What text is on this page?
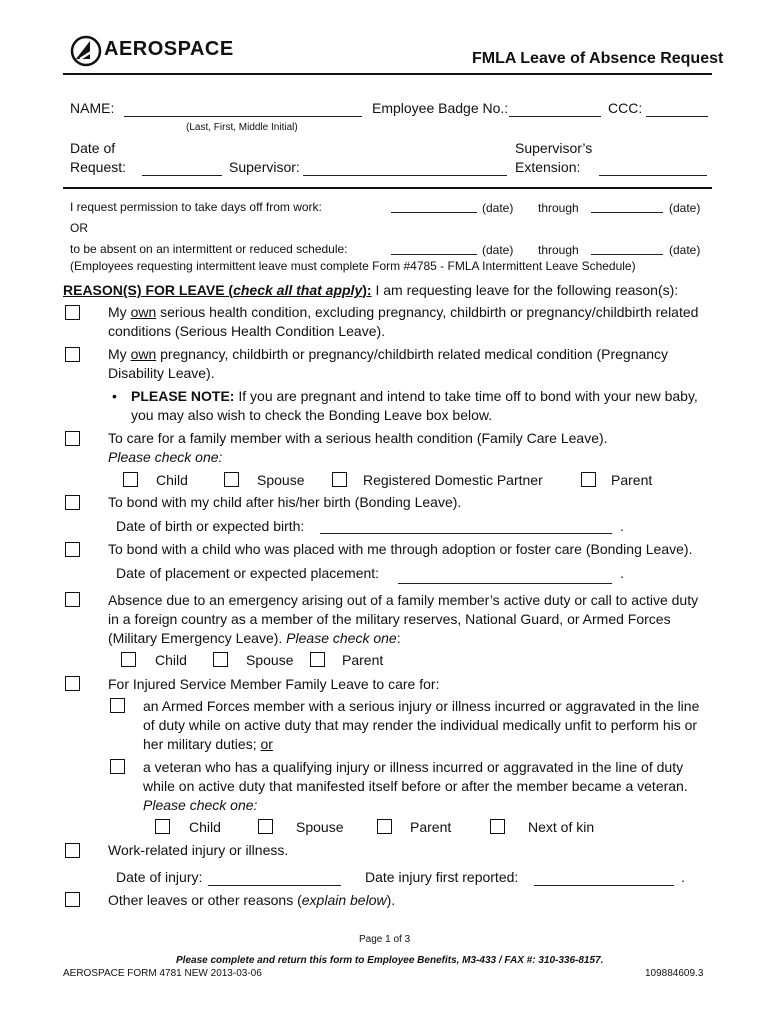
AEROSPACE	FMLA Leave of Absence Request
NAME:
(Last, First, Middle Initial)
Employee Badge No.:	CCC:
Date of
Request:	Supervisor:
Supervisor’s
Extension:
I request permission to take days off from work:	(date) through	(date)
OR
to be absent on an intermittent or reduced schedule:	(date) through	(date)
(Employees requesting intermittent leave must complete Form #4785 - FMLA Intermittent Leave Schedule)
REASON(S) FOR LEAVE (check all that apply): I am requesting leave for the following reason(s):
My own serious health condition, excluding pregnancy, childbirth or pregnancy/childbirth related
conditions (Serious Health Condition Leave).
My own pregnancy, childbirth or pregnancy/childbirth related medical condition (Pregnancy
Disability Leave).
• PLEASE NOTE: If you are pregnant and intend to take time off to bond with your new baby,
you may also wish to check the Bonding Leave box below.
To care for a family member with a serious health condition (Family Care Leave).
Please check one:
Child	Spouse	Registered Domestic Partner	Parent
To bond with my child after his/her birth (Bonding Leave).
Date of birth or expected birth:	.
To bond with a child who was placed with me through adoption or foster care (Bonding Leave).
Date of placement or expected placement:	.
Absence due to an emergency arising out of a family member’s active duty or call to active duty
in a foreign country as a member of the military reserves, National Guard, or Armed Forces
(Military Emergency Leave). Please check one:
Child	Spouse	Parent
For Injured Service Member Family Leave to care for:
an Armed Forces member with a serious injury or illness incurred or aggravated in the line
of duty while on active duty that may render the individual medically unfit to perform his or
her military duties; or
a veteran who has a qualifying injury or illness incurred or aggravated in the line of duty
while on active duty that manifested itself before or after the member became a veteran.
Please check one:
Child	Spouse	Parent	Next of kin
Work-related injury or illness.
Date of injury:	Date injury first reported:	.
Other leaves or other reasons (explain below).
Page 1 of 3
Please complete and return this form to Employee Benefits, M3-433 / FAX #: 310-336-8157.
AEROSPACE FORM 4781 NEW 2013-03-06	109884609.3
